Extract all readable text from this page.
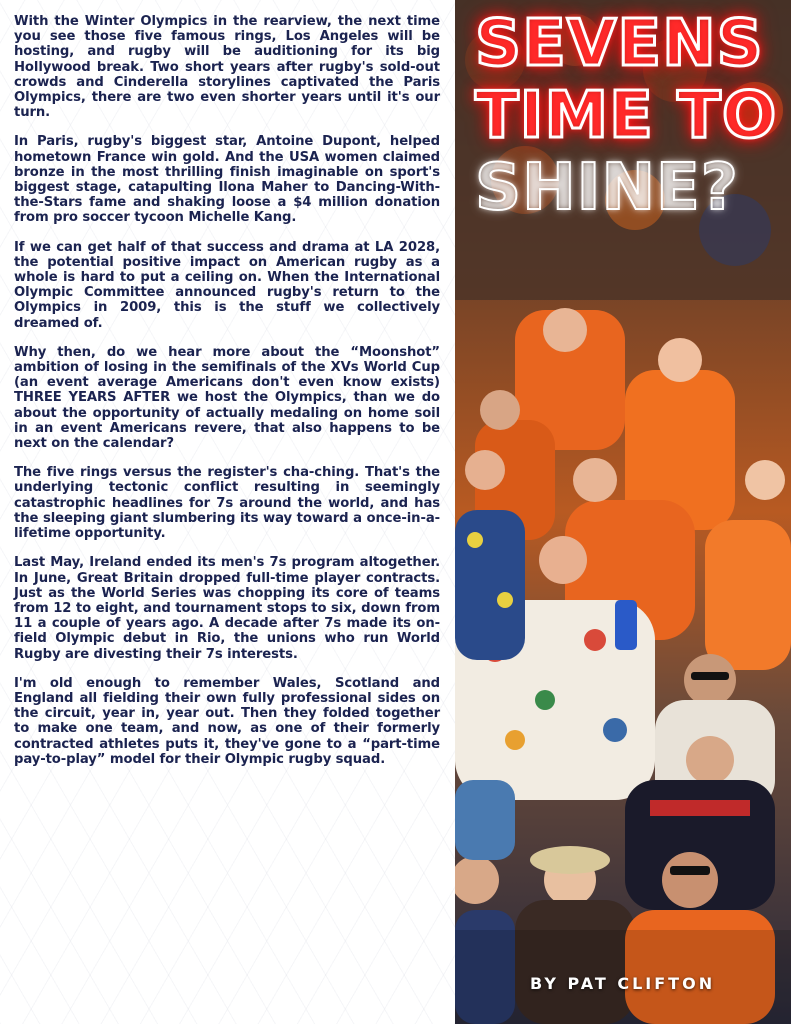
With the Winter Olympics in the rearview, the next time you see those five famous rings, Los Angeles will be hosting, and rugby will be auditioning for its big Hollywood break. Two short years after rugby's sold-out crowds and Cinderella storylines captivated the Paris Olympics, there are two even shorter years until it's our turn.

In Paris, rugby's biggest star, Antoine Dupont, helped hometown France win gold. And the USA women claimed bronze in the most thrilling finish imaginable on sport's biggest stage, catapulting Ilona Maher to Dancing-With-the-Stars fame and shaking loose a $4 million donation from pro soccer tycoon Michelle Kang.

If we can get half of that success and drama at LA 2028, the potential positive impact on American rugby as a whole is hard to put a ceiling on. When the International Olympic Committee announced rugby's return to the Olympics in 2009, this is the stuff we collectively dreamed of.

Why then, do we hear more about the “Moonshot” ambition of losing in the semifinals of the XVs World Cup (an event average Americans don't even know exists) THREE YEARS AFTER we host the Olympics, than we do about the opportunity of actually medaling on home soil in an event Americans revere, that also happens to be next on the calendar?

The five rings versus the register's cha-ching. That's the underlying tectonic conflict resulting in seemingly catastrophic headlines for 7s around the world, and has the sleeping giant slumbering its way toward a once-in-a-lifetime opportunity.

Last May, Ireland ended its men's 7s program altogether. In June, Great Britain dropped full-time player contracts. Just as the World Series was chopping its core of teams from 12 to eight, and tournament stops to six, down from 11 a couple of years ago. A decade after 7s made its on-field Olympic debut in Rio, the unions who run World Rugby are divesting their 7s interests.

I'm old enough to remember Wales, Scotland and England all fielding their own fully professional sides on the circuit, year in, year out. Then they folded together to make one team, and now, as one of their formerly contracted athletes puts it, they've gone to a “part-time pay-to-play” model for their Olympic rugby squad.

SEVENS
TIME TO
SHINE?
BY PAT CLIFTON
